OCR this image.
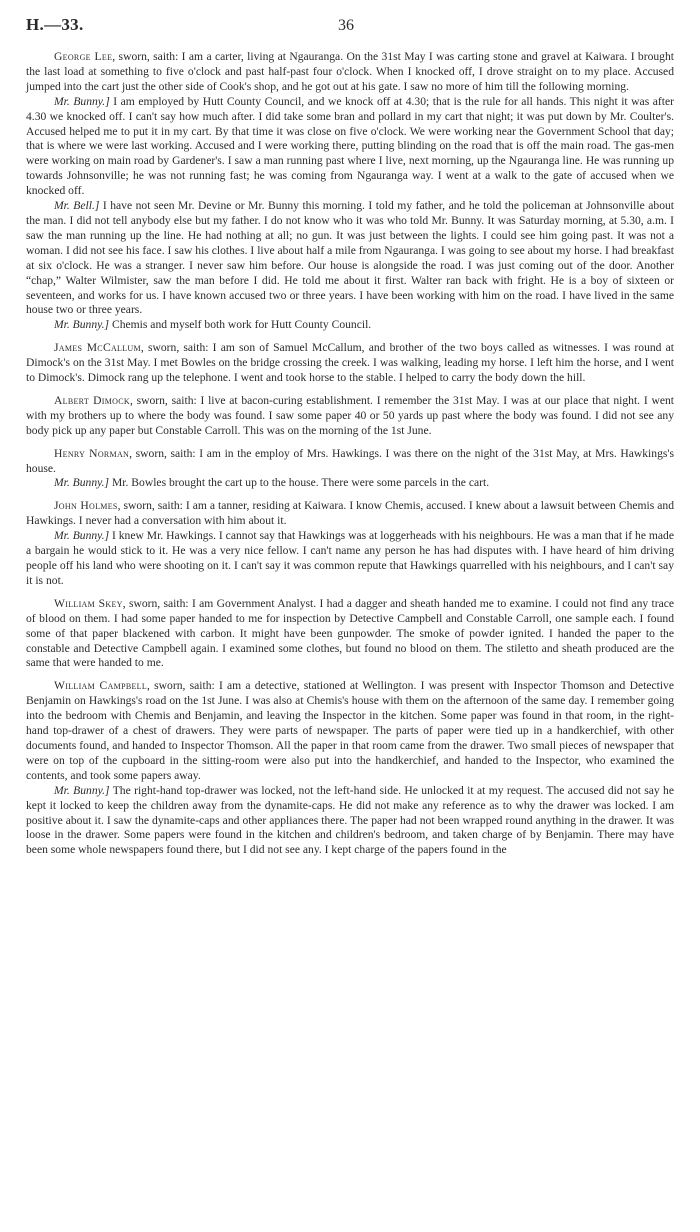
H.—33.	36

George Lee, sworn, saith: I am a carter, living at Ngauranga. On the 31st May I was carting stone and gravel at Kaiwara. I brought the last load at something to five o'clock and past half-past four o'clock. When I knocked off, I drove straight on to my place. Accused jumped into the cart just the other side of Cook's shop, and he got out at his gate. I saw no more of him till the following morning.

Mr. Bunny.] I am employed by Hutt County Council, and we knock off at 4.30; that is the rule for all hands. This night it was after 4.30 we knocked off. I can't say how much after. I did take some bran and pollard in my cart that night; it was put down by Mr. Coulter's. Accused helped me to put it in my cart. By that time it was close on five o'clock. We were working near the Government School that day; that is where we were last working. Accused and I were working there, putting blinding on the road that is off the main road. The gas-men were working on main road by Gardener's. I saw a man running past where I live, next morning, up the Ngauranga line. He was running up towards Johnsonville; he was not running fast; he was coming from Ngauranga way. I went at a walk to the gate of accused when we knocked off.

Mr. Bell.] I have not seen Mr. Devine or Mr. Bunny this morning. I told my father, and he told the policeman at Johnsonville about the man. I did not tell anybody else but my father. I do not know who it was who told Mr. Bunny. It was Saturday morning, at 5.30, a.m. I saw the man running up the line. He had nothing at all; no gun. It was just between the lights. I could see him going past. It was not a woman. I did not see his face. I saw his clothes. I live about half a mile from Ngauranga. I was going to see about my horse. I had breakfast at six o'clock. He was a stranger. I never saw him before. Our house is alongside the road. I was just coming out of the door. Another “chap,” Walter Wilmister, saw the man before I did. He told me about it first. Walter ran back with fright. He is a boy of sixteen or seventeen, and works for us. I have known accused two or three years. I have been working with him on the road. I have lived in the same house two or three years.

Mr. Bunny.] Chemis and myself both work for Hutt County Council.

James McCallum, sworn, saith: I am son of Samuel McCallum, and brother of the two boys called as witnesses. I was round at Dimock's on the 31st May. I met Bowles on the bridge crossing the creek. I was walking, leading my horse. I left him the horse, and I went to Dimock's. Dimock rang up the telephone. I went and took horse to the stable. I helped to carry the body down the hill.

Albert Dimock, sworn, saith: I live at bacon-curing establishment. I remember the 31st May. I was at our place that night. I went with my brothers up to where the body was found. I saw some paper 40 or 50 yards up past where the body was found. I did not see any body pick up any paper but Constable Carroll. This was on the morning of the 1st June.

Henry Norman, sworn, saith: I am in the employ of Mrs. Hawkings. I was there on the night of the 31st May, at Mrs. Hawkings's house.

Mr. Bunny.] Mr. Bowles brought the cart up to the house. There were some parcels in the cart.

John Holmes, sworn, saith: I am a tanner, residing at Kaiwara. I know Chemis, accused. I knew about a lawsuit between Chemis and Hawkings. I never had a conversation with him about it.

Mr. Bunny.] I knew Mr. Hawkings. I cannot say that Hawkings was at loggerheads with his neighbours. He was a man that if he made a bargain he would stick to it. He was a very nice fellow. I can't name any person he has had disputes with. I have heard of him driving people off his land who were shooting on it. I can't say it was common repute that Hawkings quarrelled with his neighbours, and I can't say it is not.

William Skey, sworn, saith: I am Government Analyst. I had a dagger and sheath handed me to examine. I could not find any trace of blood on them. I had some paper handed to me for inspection by Detective Campbell and Constable Carroll, one sample each. I found some of that paper blackened with carbon. It might have been gunpowder. The smoke of powder ignited. I handed the paper to the constable and Detective Campbell again. I examined some clothes, but found no blood on them. The stiletto and sheath produced are the same that were handed to me.

William Campbell, sworn, saith: I am a detective, stationed at Wellington. I was present with Inspector Thomson and Detective Benjamin on Hawkings's road on the 1st June. I was also at Chemis's house with them on the afternoon of the same day. I remember going into the bedroom with Chemis and Benjamin, and leaving the Inspector in the kitchen. Some paper was found in that room, in the right-hand top-drawer of a chest of drawers. They were parts of newspaper. The parts of paper were tied up in a handkerchief, with other documents found, and handed to Inspector Thomson. All the paper in that room came from the drawer. Two small pieces of newspaper that were on top of the cupboard in the sitting-room were also put into the handkerchief, and handed to the Inspector, who examined the contents, and took some papers away.

Mr. Bunny.] The right-hand top-drawer was locked, not the left-hand side. He unlocked it at my request. The accused did not say he kept it locked to keep the children away from the dynamite-caps. He did not make any reference as to why the drawer was locked. I am positive about it. I saw the dynamite-caps and other appliances there. The paper had not been wrapped round anything in the drawer. It was loose in the drawer. Some papers were found in the kitchen and children's bedroom, and taken charge of by Benjamin. There may have been some whole newspapers found there, but I did not see any. I kept charge of the papers found in the
